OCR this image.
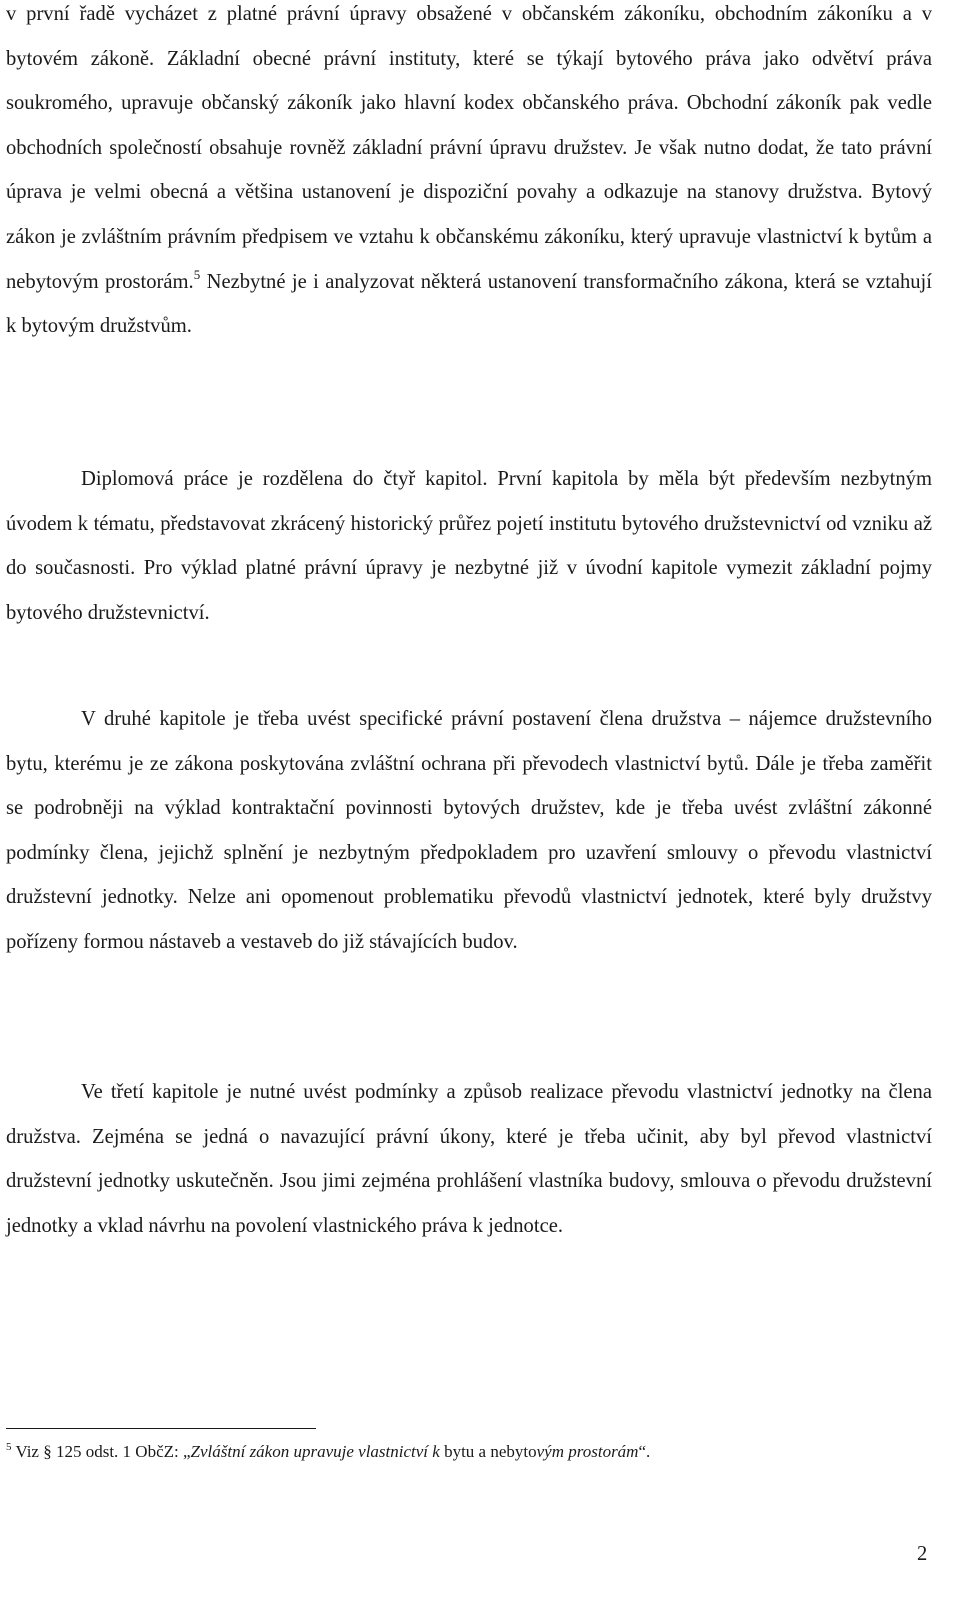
v první řadě vycházet z platné právní úpravy obsažené v občanském zákoníku, obchodním zákoníku a v bytovém zákoně. Základní obecné právní instituty, které se týkají bytového práva jako odvětví práva soukromého, upravuje občanský zákoník jako hlavní kodex občanského práva. Obchodní zákoník pak vedle obchodních společností obsahuje rovněž základní právní úpravu družstev. Je však nutno dodat, že tato právní úprava je velmi obecná a většina ustanovení je dispoziční povahy a odkazuje na stanovy družstva. Bytový zákon je zvláštním právním předpisem ve vztahu k občanskému zákoníku, který upravuje vlastnictví k bytům a nebytovým prostorám.$^5$ Nezbytné je i analyzovat některá ustanovení transformačního zákona, která se vztahují k bytovým družstvům.

Diplomová práce je rozdělena do čtyř kapitol. První kapitola by měla být především nezbytným úvodem k tématu, představovat zkrácený historický průřez pojetí institutu bytového družstevnictví od vzniku až do současnosti. Pro výklad platné právní úpravy je nezbytné již v úvodní kapitole vymezit základní pojmy bytového družstevnictví.

V druhé kapitole je třeba uvést specifické právní postavení člena družstva – nájemce družstevního bytu, kterému je ze zákona poskytována zvláštní ochrana při převodech vlastnictví bytů. Dále je třeba zaměřit se podrobněji na výklad kontraktační povinnosti bytových družstev, kde je třeba uvést zvláštní zákonné podmínky člena, jejichž splnění je nezbytným předpokladem pro uzavření smlouvy o převodu vlastnictví družstevní jednotky. Nelze ani opomenout problematiku převodů vlastnictví jednotek, které byly družstvy pořízeny formou nástaveb a vestaveb do již stávajících budov.

Ve třetí kapitole je nutné uvést podmínky a způsob realizace převodu vlastnictví jednotky na člena družstva. Zejména se jedná o navazující právní úkony, které je třeba učinit, aby byl převod vlastnictví družstevní jednotky uskutečněn. Jsou jimi zejména prohlášení vlastníka budovy, smlouva o převodu družstevní jednotky a vklad návrhu na povolení vlastnického práva k jednotce.

$^5$ Viz § 125 odst. 1 ObčZ: „Zvláštní zákon upravuje vlastnictví k bytu a nebytovým prostorám“.
2
